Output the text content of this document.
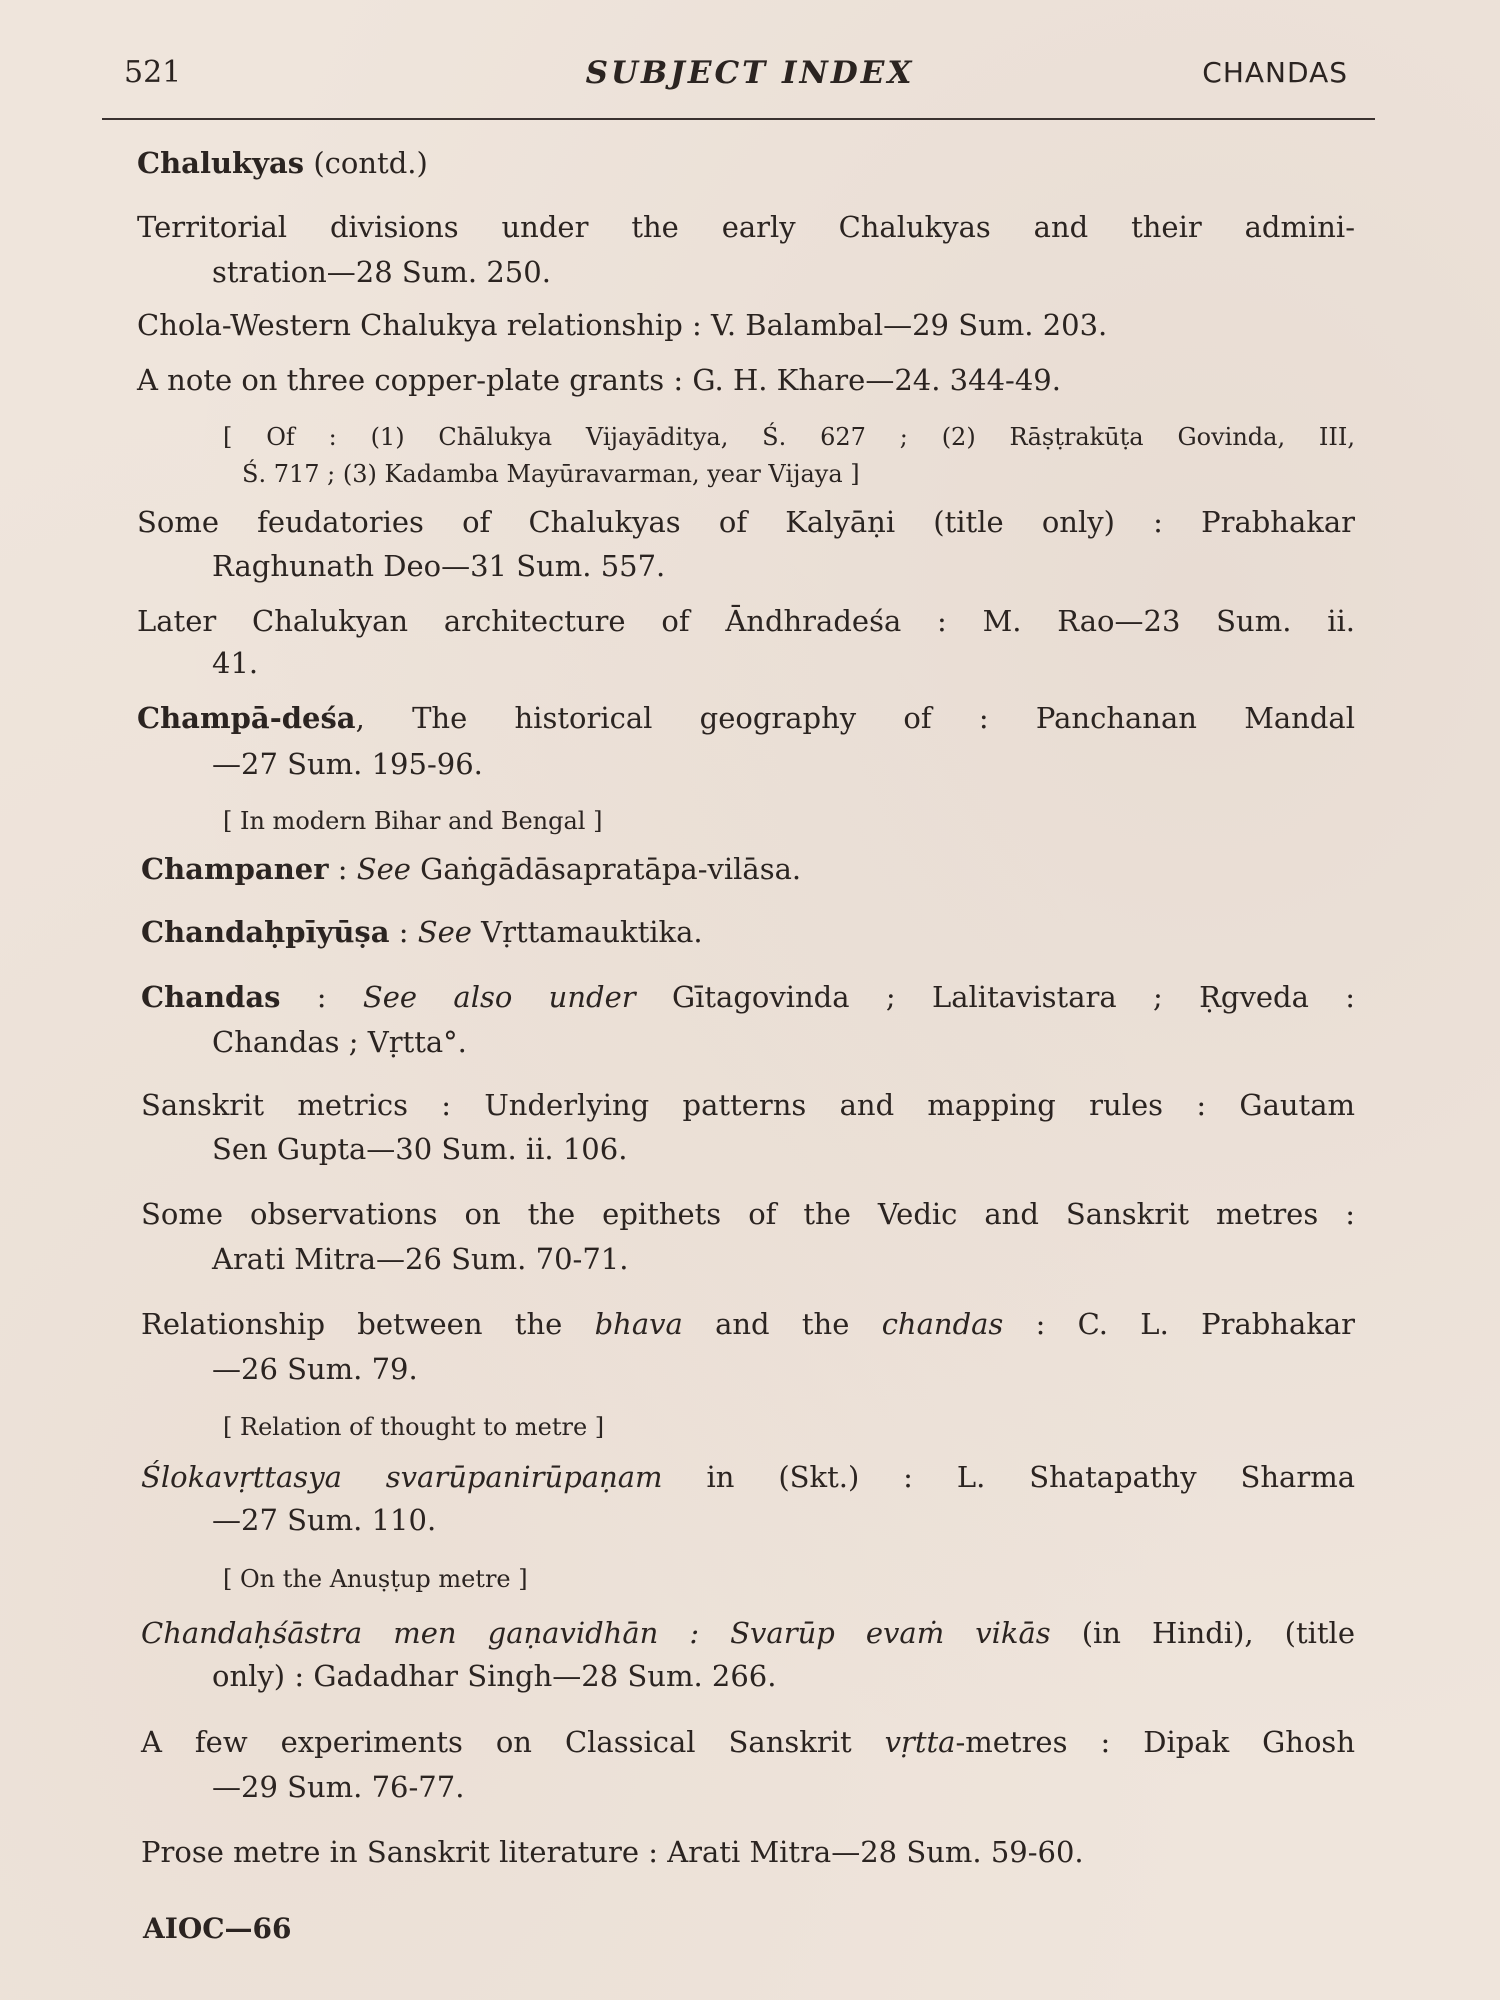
521	SUBJECT INDEX	CHANDAS
Chalukyas (contd.)
Territorial divisions under the early Chalukyas and their admini-
stration—28 Sum. 250.
Chola-Western Chalukya relationship : V. Balambal—29 Sum. 203.
A note on three copper-plate grants : G. H. Khare—24. 344-49.
[ Of : (1) Chālukya Vijayāditya, Ś. 627 ; (2) Rāṣṭrakūṭa Govinda, III,
Ś. 717 ; (3) Kadamba Mayūravarman, year Vijaya ]
Some feudatories of Chalukyas of Kalyāṇi (title only) : Prabhakar
Raghunath Deo—31 Sum. 557.
Later Chalukyan architecture of Āndhradeśa : M. Rao—23 Sum. ii.
41.
Champā-deśa, The historical geography of : Panchanan Mandal
—27 Sum. 195-96.
[ In modern Bihar and Bengal ]
Champaner : See Gaṅgādāsapratāpa-vilāsa.
Chandaḥpīyūṣa : See Vṛttamauktika.
Chandas : See also under Gītagovinda ; Lalitavistara ; Ṛgveda :
Chandas ; Vṛtta°.
Sanskrit metrics : Underlying patterns and mapping rules : Gautam
Sen Gupta—30 Sum. ii. 106.
Some observations on the epithets of the Vedic and Sanskrit metres :
Arati Mitra—26 Sum. 70-71.
Relationship between the bhava and the chandas : C. L. Prabhakar
—26 Sum. 79.
[ Relation of thought to metre ]
Ślokavṛttasya svarūpanirūpaṇam in (Skt.) : L. Shatapathy Sharma
—27 Sum. 110.
[ On the Anuṣṭup metre ]
Chandaḥśāstra men gaṇavidhān : Svarūp evaṁ vikās (in Hindi), (title
only) : Gadadhar Singh—28 Sum. 266.
A few experiments on Classical Sanskrit vṛtta-metres : Dipak Ghosh
—29 Sum. 76-77.
Prose metre in Sanskrit literature : Arati Mitra—28 Sum. 59-60.
AIOC—66
